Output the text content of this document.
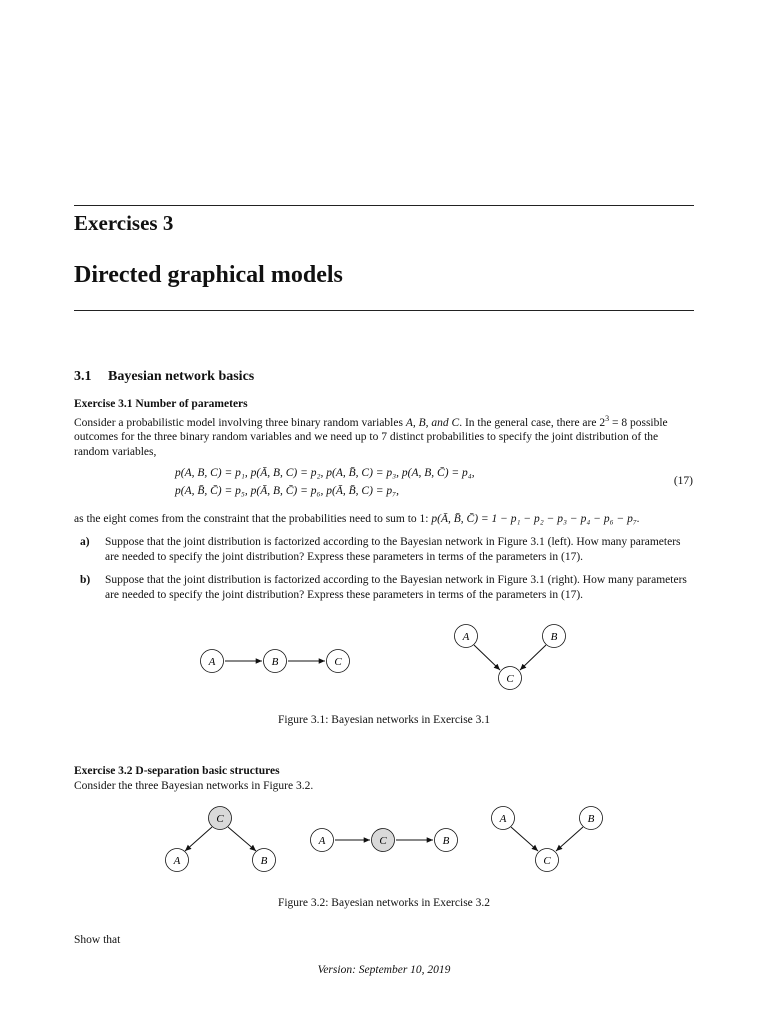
Exercises 3
Directed graphical models
3.1 Bayesian network basics
Exercise 3.1 Number of parameters
Consider a probabilistic model involving three binary random variables A, B, and C. In the general case, there are $2^3 = 8$ possible outcomes for the three binary random variables and we need up to 7 distinct probabilities to specify the joint distribution of the random variables,
p(A, B, C) = p₁, p(Ā, B, C) = p₂, p(A, B̄, C) = p₃, p(A, B, C̄) = p₄,
p(A, B̄, C̄) = p₅, p(Ā, B, C̄) = p₆, p(Ā, B̄, C) = p₇,
(17)
as the eight comes from the constraint that the probabilities need to sum to 1: p(Ā, B̄, C̄) = 1 − p₁ − p₂ − p₃ − p₄ − p₆ − p₇.
a) Suppose that the joint distribution is factorized according to the Bayesian network in Figure 3.1 (left). How many parameters are needed to specify the joint distribution? Express these parameters in terms of the parameters in (17).
b) Suppose that the joint distribution is factorized according to the Bayesian network in Figure 3.1 (right). How many parameters are needed to specify the joint distribution? Express these parameters in terms of the parameters in (17).
A	B	C
A	B
C
C
A	B
A	C	B
A	B
C
Figure 3.1: Bayesian networks in Exercise 3.1
Exercise 3.2 D-separation basic structures
Consider the three Bayesian networks in Figure 3.2.
Figure 3.2: Bayesian networks in Exercise 3.2
Show that
Version: September 10, 2019
